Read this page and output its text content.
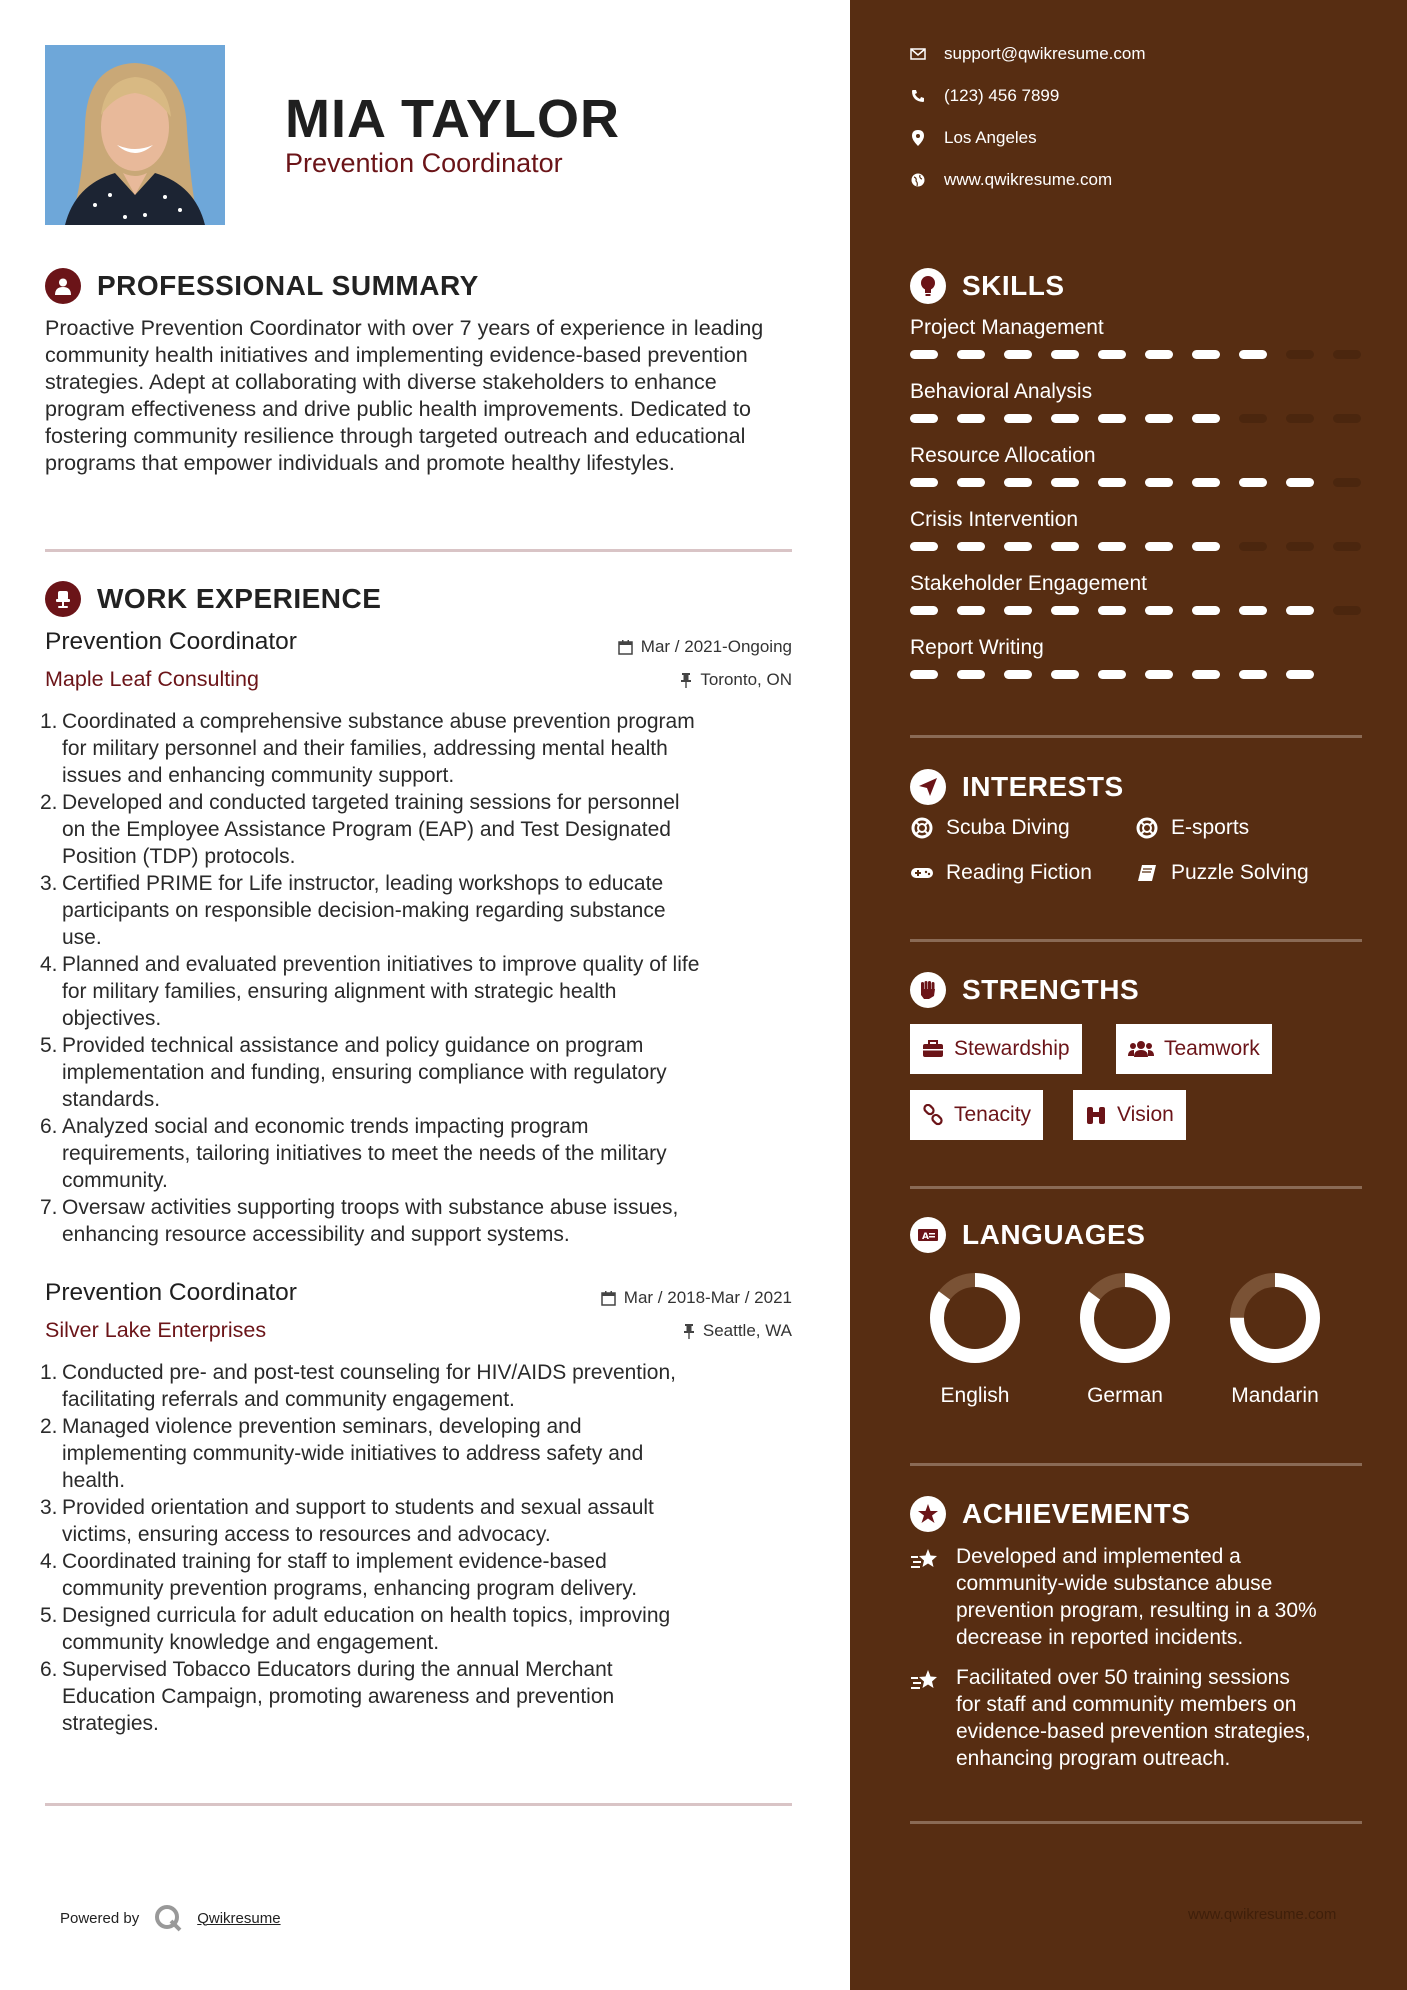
MIA TAYLOR
Prevention Coordinator
PROFESSIONAL SUMMARY
Proactive Prevention Coordinator with over 7 years of experience in leading community health initiatives and implementing evidence-based prevention strategies. Adept at collaborating with diverse stakeholders to enhance program effectiveness and drive public health improvements. Dedicated to fostering community resilience through targeted outreach and educational programs that empower individuals and promote healthy lifestyles.
WORK EXPERIENCE
Prevention Coordinator	Mar / 2021-Ongoing
Maple Leaf Consulting	Toronto, ON
1. Coordinated a comprehensive substance abuse prevention program
for military personnel and their families, addressing mental health
issues and enhancing community support.
2. Developed and conducted targeted training sessions for personnel
on the Employee Assistance Program (EAP) and Test Designated
Position (TDP) protocols.
3. Certified PRIME for Life instructor, leading workshops to educate
participants on responsible decision-making regarding substance
use.
4. Planned and evaluated prevention initiatives to improve quality of life
for military families, ensuring alignment with strategic health
objectives.
5. Provided technical assistance and policy guidance on program
implementation and funding, ensuring compliance with regulatory
standards.
6. Analyzed social and economic trends impacting program
requirements, tailoring initiatives to meet the needs of the military
community.
7. Oversaw activities supporting troops with substance abuse issues,
enhancing resource accessibility and support systems.
Prevention Coordinator	Mar / 2018-Mar / 2021
Silver Lake Enterprises	Seattle, WA
1. Conducted pre- and post-test counseling for HIV/AIDS prevention,
facilitating referrals and community engagement.
2. Managed violence prevention seminars, developing and
implementing community-wide initiatives to address safety and
health.
3. Provided orientation and support to students and sexual assault
victims, ensuring access to resources and advocacy.
4. Coordinated training for staff to implement evidence-based
community prevention programs, enhancing program delivery.
5. Designed curricula for adult education on health topics, improving
community knowledge and engagement.
6. Supervised Tobacco Educators during the annual Merchant
Education Campaign, promoting awareness and prevention
strategies.
Powered by	Qwikresume
support@qwikresume.com
(123) 456 7899
Los Angeles
www.qwikresume.com
SKILLS
Project Management
Behavioral Analysis
Resource Allocation
Crisis Intervention
Stakeholder Engagement
Report Writing
INTERESTS
Scuba Diving	E-sports
Reading Fiction	Puzzle Solving
STRENGTHS
Stewardship	Teamwork
Tenacity	Vision
A LANGUAGES
English	German	Mandarin
ACHIEVEMENTS
Developed and implemented a
community-wide substance abuse
prevention program, resulting in a 30%
decrease in reported incidents.
Facilitated over 50 training sessions
for staff and community members on
evidence-based prevention strategies,
enhancing program outreach.
www.qwikresume.com
